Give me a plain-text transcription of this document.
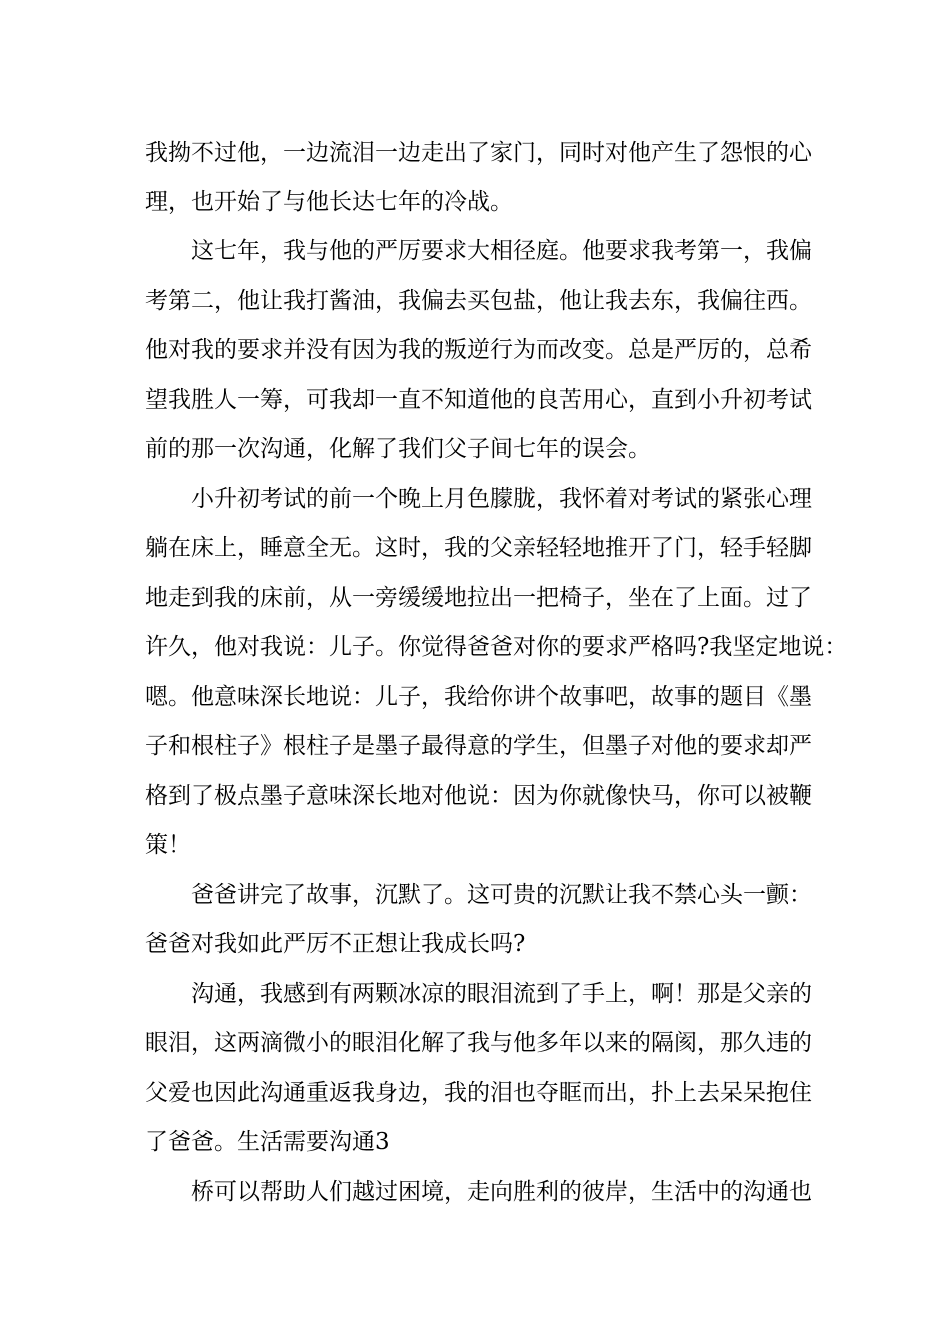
我拗不过他，一边流泪一边走出了家门，同时对他产生了怨恨的心
理，也开始了与他长达七年的冷战。
这七年，我与他的严厉要求大相径庭。他要求我考第一，我偏
考第二，他让我打酱油，我偏去买包盐，他让我去东，我偏往西。
他对我的要求并没有因为我的叛逆行为而改变。总是严厉的，总希
望我胜人一筹，可我却一直不知道他的良苦用心，直到小升初考试
前的那一次沟通，化解了我们父子间七年的误会。
小升初考试的前一个晚上月色朦胧，我怀着对考试的紧张心理
躺在床上，睡意全无。这时，我的父亲轻轻地推开了门，轻手轻脚
地走到我的床前，从一旁缓缓地拉出一把椅子，坐在了上面。过了
许久，他对我说：儿子。你觉得爸爸对你的要求严格吗?我坚定地说：
嗯。他意味深长地说：儿子，我给你讲个故事吧，故事的题目《墨
子和根柱子》根柱子是墨子最得意的学生，但墨子对他的要求却严
格到了极点墨子意味深长地对他说：因为你就像快马，你可以被鞭
策！
爸爸讲完了故事，沉默了。这可贵的沉默让我不禁心头一颤：
爸爸对我如此严厉不正想让我成长吗?
沟通，我感到有两颗冰凉的眼泪流到了手上，啊！那是父亲的
眼泪，这两滴微小的眼泪化解了我与他多年以来的隔阂，那久违的
父爱也因此沟通重返我身边，我的泪也夺眶而出，扑上去呆呆抱住
了爸爸。生活需要沟通3
桥可以帮助人们越过困境，走向胜利的彼岸，生活中的沟通也
